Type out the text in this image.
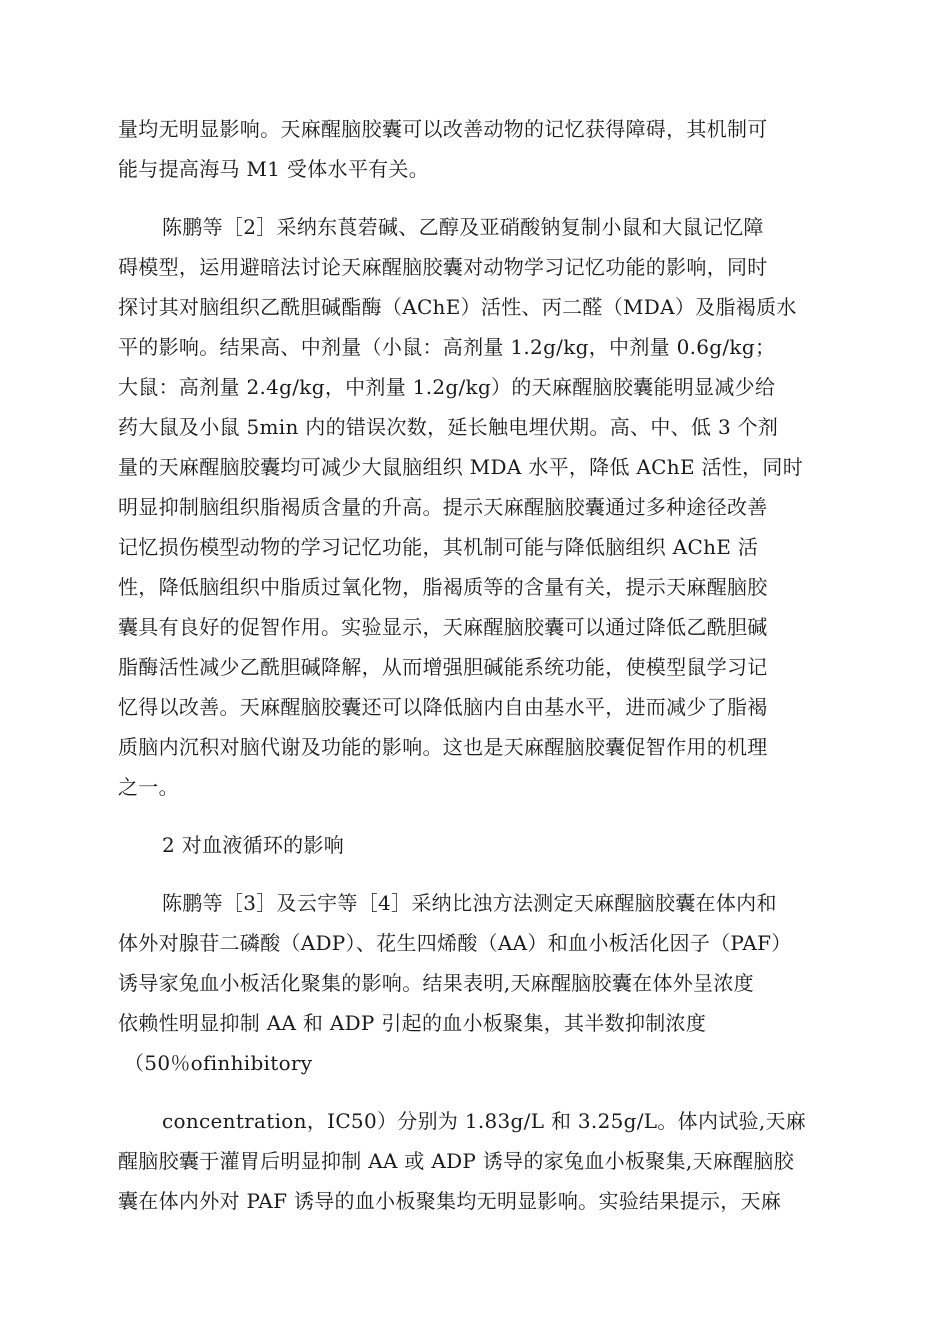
量均无明显影响。天麻醒脑胶囊可以改善动物的记忆获得障碍，其机制可
能与提高海马 M1 受体水平有关。
陈鹏等［2］采纳东莨菪碱、乙醇及亚硝酸钠复制小鼠和大鼠记忆障
碍模型，运用避暗法讨论天麻醒脑胶囊对动物学习记忆功能的影响，同时
探讨其对脑组织乙酰胆碱酯酶（AChE）活性、丙二醛（MDA）及脂褐质水
平的影响。结果高、中剂量（小鼠：高剂量 1.2g/kg，中剂量 0.6g/kg；
大鼠：高剂量 2.4g/kg，中剂量 1.2g/kg）的天麻醒脑胶囊能明显减少给
药大鼠及小鼠 5min 内的错误次数，延长触电埋伏期。高、中、低 3 个剂
量的天麻醒脑胶囊均可减少大鼠脑组织 MDA 水平，降低 AChE 活性，同时
明显抑制脑组织脂褐质含量的升高。提示天麻醒脑胶囊通过多种途径改善
记忆损伤模型动物的学习记忆功能，其机制可能与降低脑组织 AChE 活
性，降低脑组织中脂质过氧化物，脂褐质等的含量有关，提示天麻醒脑胶
囊具有良好的促智作用。实验显示，天麻醒脑胶囊可以通过降低乙酰胆碱
脂酶活性减少乙酰胆碱降解，从而增强胆碱能系统功能，使模型鼠学习记
忆得以改善。天麻醒脑胶囊还可以降低脑内自由基水平，进而减少了脂褐
质脑内沉积对脑代谢及功能的影响。这也是天麻醒脑胶囊促智作用的机理
之一。
2 对血液循环的影响
陈鹏等［3］及云宇等［4］采纳比浊方法测定天麻醒脑胶囊在体内和
体外对腺苷二磷酸（ADP）、花生四烯酸（AA）和血小板活化因子（PAF）
诱导家兔血小板活化聚集的影响。结果表明,天麻醒脑胶囊在体外呈浓度
依赖性明显抑制 AA 和 ADP 引起的血小板聚集，其半数抑制浓度
（50％ofinhibitory
concentration，IC50）分别为 1.83g/L 和 3.25g/L。体内试验,天麻
醒脑胶囊于灌胃后明显抑制 AA 或 ADP 诱导的家兔血小板聚集,天麻醒脑胶
囊在体内外对 PAF 诱导的血小板聚集均无明显影响。实验结果提示，天麻
